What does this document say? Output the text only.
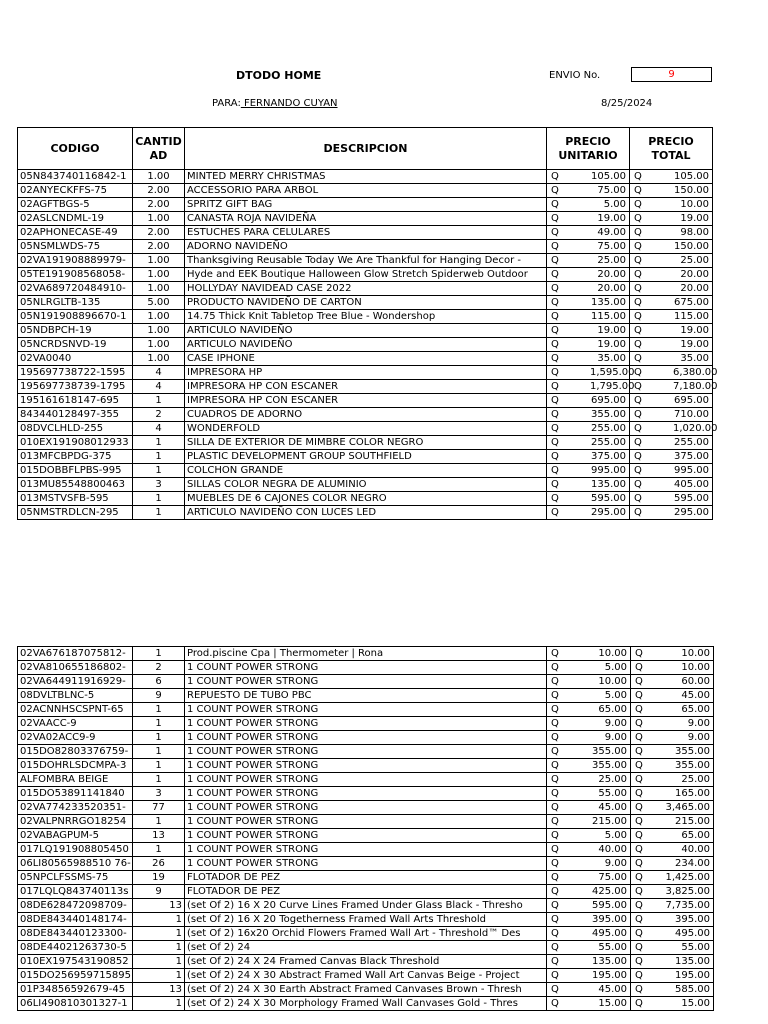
DTODO HOME	ENVIO No.	9
PARA: FERNANDO CUYAN	8/25/2024
CODIGO	CANTIDAD	DESCRIPCION	PRECIO UNITARIO		PRECIO TOTAL	
05N843740116842-1	1.00	MINTED MERRY CHRISTMAS	Q	105.00	Q	105.00
02ANYECKFFS-75	2.00	ACCESSORIO PARA ARBOL	Q	75.00	Q	150.00
02AGFTBGS-5	2.00	SPRITZ GIFT BAG	Q	5.00	Q	10.00
02ASLCNDML-19	1.00	CANASTA ROJA NAVIDEÑA	Q	19.00	Q	19.00
02APHONECASE-49	2.00	ESTUCHES PARA CELULARES	Q	49.00	Q	98.00
05NSMLWDS-75	2.00	ADORNO NAVIDEÑO	Q	75.00	Q	150.00
02VA191908889979-	1.00	Thanksgiving Reusable Today We Are Thankful for Hanging Decor -	Q	25.00	Q	25.00
05TE191908568058-	1.00	Hyde and EEK Boutique Halloween Glow Stretch Spiderweb Outdoor	Q	20.00	Q	20.00
02VA689720484910-	1.00	HOLLYDAY NAVIDEAD CASE 2022	Q	20.00	Q	20.00
05NLRGLTB-135	5.00	PRODUCTO NAVIDEÑO DE CARTON	Q	135.00	Q	675.00
05N191908896670-1	1.00	14.75 Thick Knit Tabletop Tree Blue - Wondershop	Q	115.00	Q	115.00
05NDBPCH-19	1.00	ARTICULO NAVIDEÑO	Q	19.00	Q	19.00
05NCRDSNVD-19	1.00	ARTICULO NAVIDEÑO	Q	19.00	Q	19.00
02VA0040	1.00	CASE IPHONE	Q	35.00	Q	35.00
195697738722-1595	4	IMPRESORA HP	Q	1,595.00	Q	6,380.00
195697738739-1795	4	IMPRESORA HP CON ESCANER	Q	1,795.00	Q	7,180.00
195161618147-695	1	IMPRESORA HP CON ESCANER	Q	695.00	Q	695.00
843440128497-355	2	CUADROS DE ADORNO	Q	355.00	Q	710.00
08DVCLHLD-255	4	WONDERFOLD	Q	255.00	Q	1,020.00
010EX191908012933	1	SILLA DE EXTERIOR DE MIMBRE COLOR NEGRO	Q	255.00	Q	255.00
013MFCBPDG-375	1	PLASTIC DEVELOPMENT GROUP SOUTHFIELD	Q	375.00	Q	375.00
015DOBBFLPBS-995	1	COLCHON GRANDE	Q	995.00	Q	995.00
013MU85548800463	3	SILLAS COLOR NEGRA DE ALUMINIO	Q	135.00	Q	405.00
013MSTVSFB-595	1	MUEBLES DE 6 CAJONES COLOR NEGRO	Q	595.00	Q	595.00
05NMSTRDLCN-295	1	ARTICULO NAVIDEÑO CON LUCES LED	Q	295.00	Q	295.00
02VA676187075812-	1	Prod.piscine Cpa | Thermometer | Rona	Q	10.00	Q	10.00
02VA810655186802-	2	1 COUNT POWER STRONG	Q	5.00	Q	10.00
02VA644911916929-	6	1 COUNT POWER STRONG	Q	10.00	Q	60.00
08DVLTBLNC-5	9	REPUESTO DE TUBO PBC	Q	5.00	Q	45.00
02ACNNHSCSPNT-65	1	1 COUNT POWER STRONG	Q	65.00	Q	65.00
02VAACC-9	1	1 COUNT POWER STRONG	Q	9.00	Q	9.00
02VA02ACC9-9	1	1 COUNT POWER STRONG	Q	9.00	Q	9.00
015DO82803376759-	1	1 COUNT POWER STRONG	Q	355.00	Q	355.00
015DOHRLSDCMPA-3	1	1 COUNT POWER STRONG	Q	355.00	Q	355.00
ALFOMBRA BEIGE	1	1 COUNT POWER STRONG	Q	25.00	Q	25.00
015DO53891141840	3	1 COUNT POWER STRONG	Q	55.00	Q	165.00
02VA774233520351-	77	1 COUNT POWER STRONG	Q	45.00	Q	3,465.00
02VALPNRRGO18254	1	1 COUNT POWER STRONG	Q	215.00	Q	215.00
02VABAGPUM-5	13	1 COUNT POWER STRONG	Q	5.00	Q	65.00
017LQ191908805450	1	1 COUNT POWER STRONG	Q	40.00	Q	40.00
06LI80565988510 76-	26	1 COUNT POWER STRONG	Q	9.00	Q	234.00
05NPCLFSSMS-75	19	FLOTADOR DE PEZ	Q	75.00	Q	1,425.00
017LQLQ843740113s	9	FLOTADOR DE PEZ	Q	425.00	Q	3,825.00
08DE628472098709-	13	(set Of 2) 16 X 20 Curve Lines Framed Under Glass Black - Thresho	Q	595.00	Q	7,735.00
08DE843440148174-	1	(set Of 2) 16 X 20 Togetherness Framed Wall Arts Threshold	Q	395.00	Q	395.00
08DE843440123300-	1	(set Of 2) 16x20 Orchid Flowers Framed Wall Art - Threshold™ Des	Q	495.00	Q	495.00
08DE44021263730-5	1	(set Of 2) 24	Q	55.00	Q	55.00
010EX197543190852	1	(set Of 2) 24 X 24 Framed Canvas Black Threshold	Q	135.00	Q	135.00
015DO256959715895	1	(set Of 2) 24 X 30 Abstract Framed Wall Art Canvas Beige - Project	Q	195.00	Q	195.00
01P34856592679-45	13	(set Of 2) 24 X 30 Earth Abstract Framed Canvases Brown - Thresh	Q	45.00	Q	585.00
06LI490810301327-1	1	(set Of 2) 24 X 30 Morphology Framed Wall Canvases Gold - Thres	Q	15.00	Q	15.00
